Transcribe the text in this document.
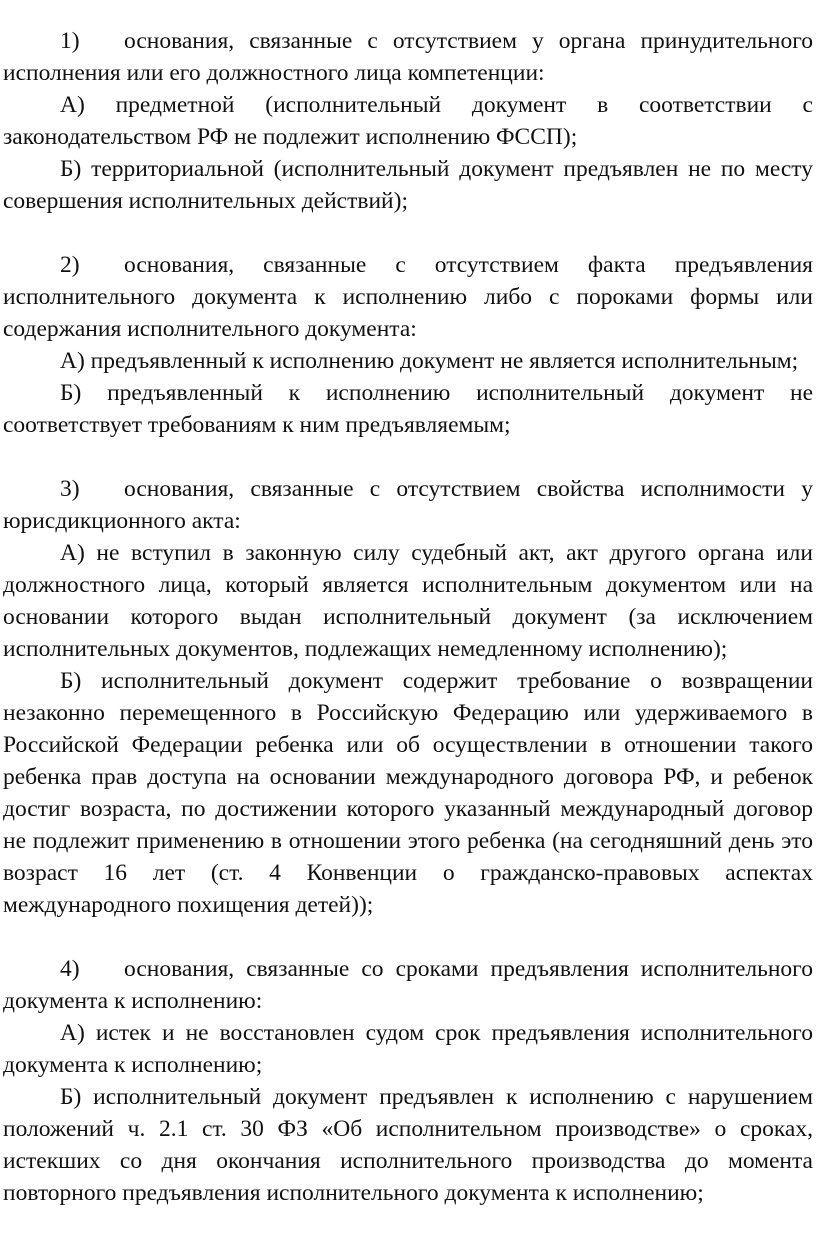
1) основания, связанные с отсутствием у органа принудительного исполнения или его должностного лица компетенции:

А) предметной (исполнительный документ в соответствии с законодательством РФ не подлежит исполнению ФССП);

Б) территориальной (исполнительный документ предъявлен не по месту совершения исполнительных действий);

2) основания, связанные с отсутствием факта предъявления исполнительного документа к исполнению либо с пороками формы или содержания исполнительного документа:

А) предъявленный к исполнению документ не является исполнительным;

Б) предъявленный к исполнению исполнительный документ не соответствует требованиям к ним предъявляемым;

3) основания, связанные с отсутствием свойства исполнимости у юрисдикционного акта:

А) не вступил в законную силу судебный акт, акт другого органа или должностного лица, который является исполнительным документом или на основании которого выдан исполнительный документ (за исключением исполнительных документов, подлежащих немедленному исполнению);

Б) исполнительный документ содержит требование о возвращении незаконно перемещенного в Российскую Федерацию или удерживаемого в Российской Федерации ребенка или об осуществлении в отношении такого ребенка прав доступа на основании международного договора РФ, и ребенок достиг возраста, по достижении которого указанный международный договор не подлежит применению в отношении этого ребенка (на сегодняшний день это возраст 16 лет (ст. 4 Конвенции о гражданско-правовых аспектах международного похищения детей));

4) основания, связанные со сроками предъявления исполнительного документа к исполнению:

А) истек и не восстановлен судом срок предъявления исполнительного документа к исполнению;

Б) исполнительный документ предъявлен к исполнению с нарушением положений ч. 2.1 ст. 30 ФЗ «Об исполнительном производстве» о сроках, истекших со дня окончания исполнительного производства до момента повторного предъявления исполнительного документа к исполнению;
